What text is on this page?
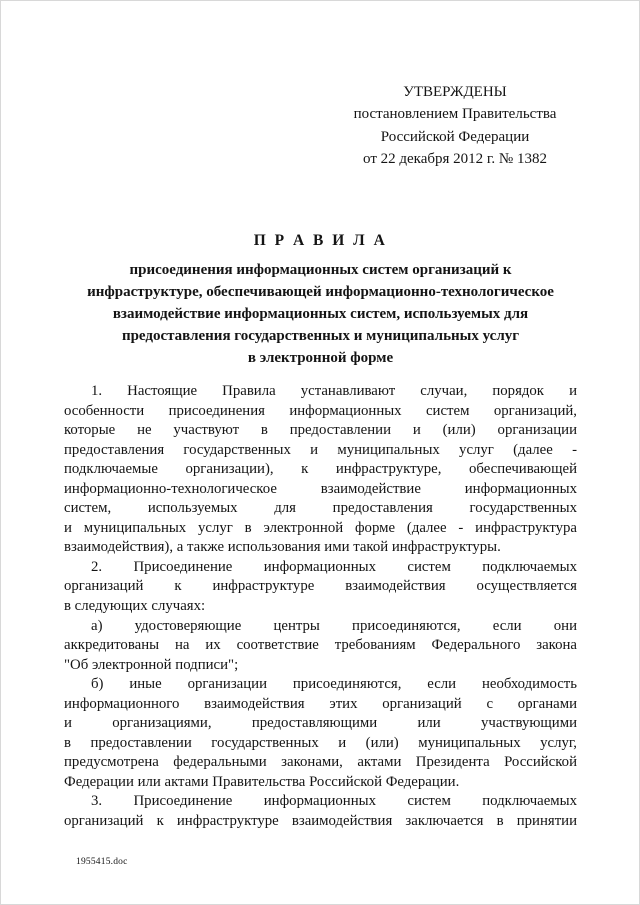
УТВЕРЖДЕНЫ
постановлением Правительства
Российской Федерации
от 22 декабря 2012 г. № 1382
П Р А В И Л А
присоединения информационных систем организаций к
инфраструктуре, обеспечивающей информационно-технологическое
взаимодействие информационных систем, используемых для
предоставления государственных и муниципальных услуг
в электронной форме
1. Настоящие Правила устанавливают случаи, порядок и
особенности присоединения информационных систем организаций,
которые не участвуют в предоставлении и (или) организации
предоставления государственных и муниципальных услуг (далее -
подключаемые организации), к инфраструктуре, обеспечивающей
информационно-технологическое взаимодействие информационных
систем, используемых для предоставления государственных
и муниципальных услуг в электронной форме (далее - инфраструктура
взаимодействия), а также использования ими такой инфраструктуры.
2. Присоединение информационных систем подключаемых
организаций к инфраструктуре взаимодействия осуществляется
в следующих случаях:
а) удостоверяющие центры присоединяются, если они
аккредитованы на их соответствие требованиям Федерального закона
"Об электронной подписи";
б) иные организации присоединяются, если необходимость
информационного взаимодействия этих организаций с органами
и организациями, предоставляющими или участвующими
в предоставлении государственных и (или) муниципальных услуг,
предусмотрена федеральными законами, актами Президента Российской
Федерации или актами Правительства Российской Федерации.
3. Присоединение информационных систем подключаемых
организаций к инфраструктуре взаимодействия заключается в принятии
1955415.doc
